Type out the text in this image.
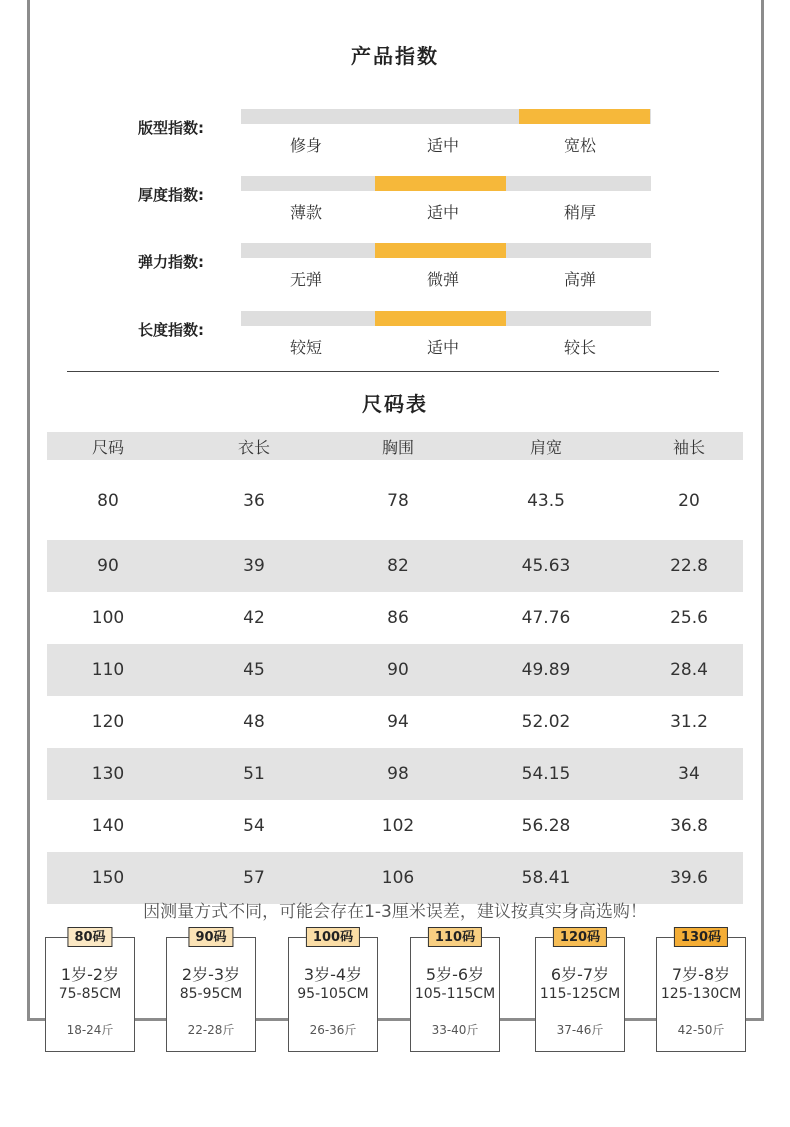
产品指数
版型指数:
修身	适中	宽松
厚度指数:
薄款	适中	稍厚
弹力指数:
无弹	微弹	高弹
长度指数:
较短	适中	较长
尺码表
尺码	衣长	胸围	肩宽	袖长
80	36	78	43.5	20
90	39	82	45.63	22.8
100	42	86	47.76	25.6
110	45	90	49.89	28.4
120	48	94	52.02	31.2
130	51	98	54.15	34
140	54	102	56.28	36.8
150	57	106	58.41	39.6
因测量方式不同，可能会存在1-3厘米误差，建议按真实身高选购！
80码
1岁-2岁
75-85CM
18-24斤
90码
2岁-3岁
85-95CM
22-28斤
100码
3岁-4岁
95-105CM
26-36斤
110码
5岁-6岁
105-115CM
33-40斤
120码
6岁-7岁
115-125CM
37-46斤
130码
7岁-8岁
125-130CM
42-50斤
